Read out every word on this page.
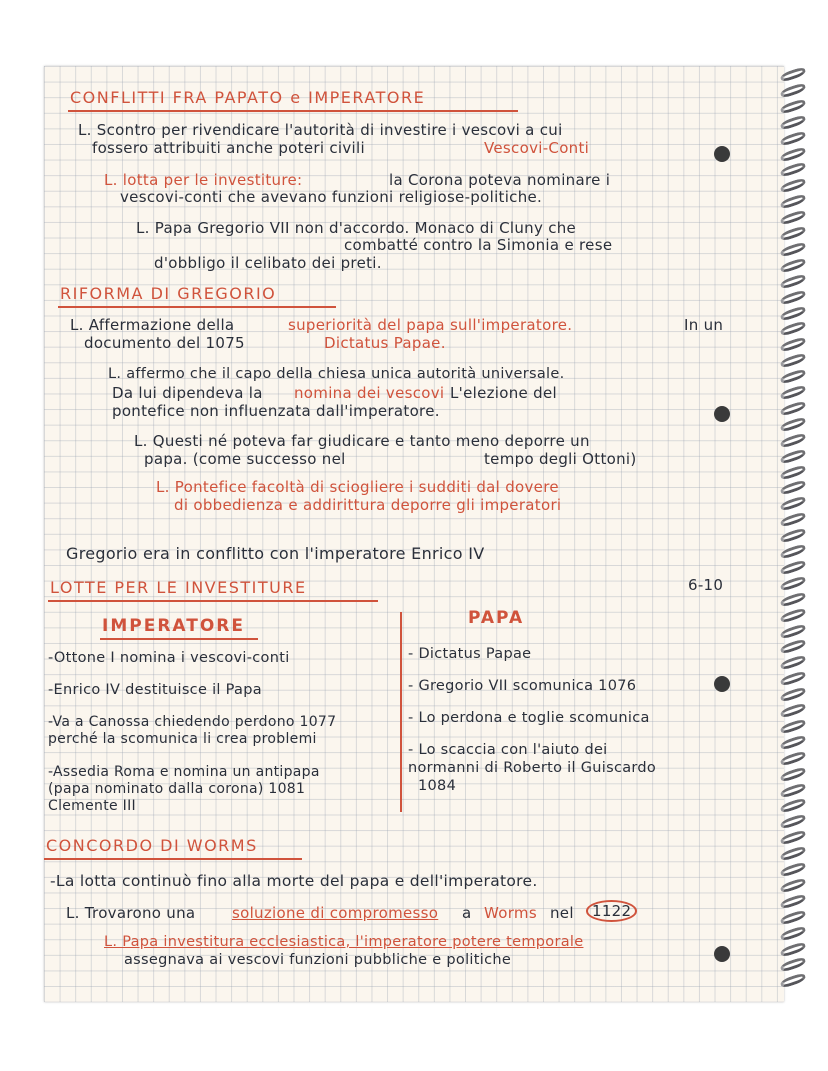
CONFLITTI FRA PAPATO e IMPERATORE
L. Scontro per rivendicare l'autorità di investire i vescovi a cui
fossero attribuiti anche poteri civili	Vescovi-Conti
L. lotta per le investiture:	la Corona poteva nominare i
vescovi-conti che avevano funzioni religiose-politiche.
L. Papa Gregorio VII non d'accordo. Monaco di Cluny che
combatté contro la Simonia e rese
d'obbligo il celibato dei preti.
RIFORMA DI GREGORIO
L. Affermazione della	superiorità del papa sull'imperatore.	In un
documento del 1075	Dictatus Papae.
L. affermo che il capo della chiesa unica autorità universale.
Da lui dipendeva la nomina dei vescovi L'elezione del
pontefice non influenzata dall'imperatore.
L. Questi né poteva far giudicare e tanto meno deporre un
papa. (come successo nel	tempo degli Ottoni)
L. Pontefice facoltà di sciogliere i sudditi dal dovere
di obbedienza e addirittura deporre gli imperatori
Gregorio era in conflitto con l'imperatore Enrico IV
LOTTE PER LE INVESTITURE	6-10
IMPERATORE	PAPA
-Ottone I nomina i vescovi-conti
-Enrico IV destituisce il Papa
-Va a Canossa chiedendo perdono 1077
perché la scomunica li crea problemi
-Assedia Roma e nomina un antipapa
(papa nominato dalla corona) 1081
Clemente III
- Dictatus Papae
- Gregorio VII scomunica 1076
- Lo perdona e toglie scomunica
- Lo scaccia con l'aiuto dei
normanni di Roberto il Guiscardo
1084
CONCORDO DI WORMS
-La lotta continuò fino alla morte del papa e dell'imperatore.
L. Trovarono una soluzione di compromesso a Worms nel	1122
L. Papa investitura ecclesiastica, l'imperatore potere temporale
assegnava ai vescovi funzioni pubbliche e politiche
